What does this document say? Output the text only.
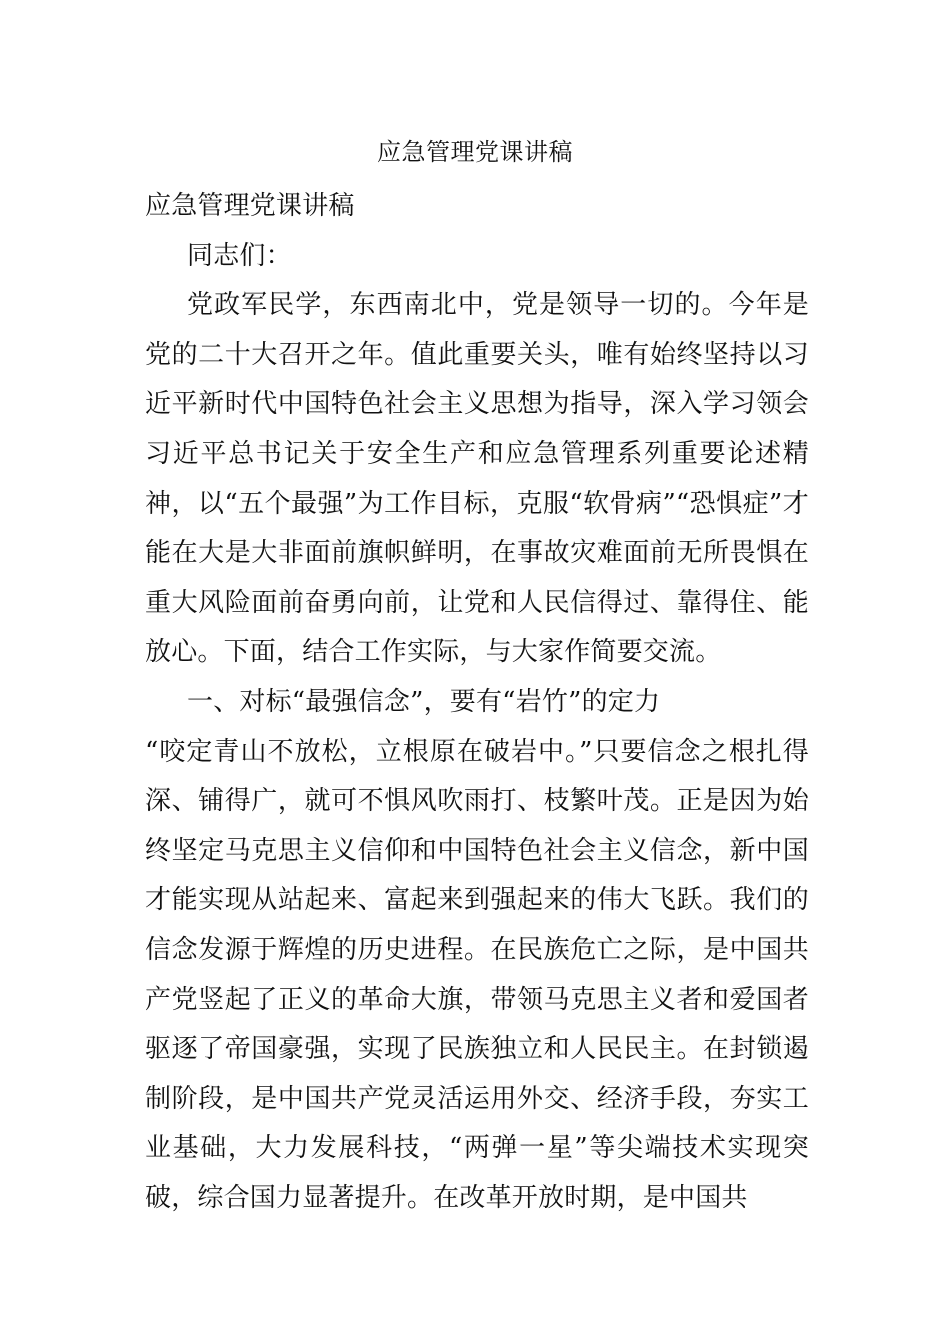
应急管理党课讲稿

应急管理党课讲稿

同志们：

党政军民学，东西南北中，党是领导一切的。今年是党的二十大召开之年。值此重要关头，唯有始终坚持以习近平新时代中国特色社会主义思想为指导，深入学习领会习近平总书记关于安全生产和应急管理系列重要论述精神，以“五个最强”为工作目标，克服“软骨病”“恐惧症”才能在大是大非面前旗帜鲜明，在事故灾难面前无所畏惧在重大风险面前奋勇向前，让党和人民信得过、靠得住、能放心。下面，结合工作实际，与大家作简要交流。

一、对标“最强信念”，要有“岩竹”的定力

“咬定青山不放松，立根原在破岩中。”只要信念之根扎得深、铺得广，就可不惧风吹雨打、枝繁叶茂。正是因为始终坚定马克思主义信仰和中国特色社会主义信念，新中国才能实现从站起来、富起来到强起来的伟大飞跃。我们的信念发源于辉煌的历史进程。在民族危亡之际，是中国共产党竖起了正义的革命大旗，带领马克思主义者和爱国者驱逐了帝国豪强，实现了民族独立和人民民主。在封锁遏制阶段，是中国共产党灵活运用外交、经济手段，夯实工业基础，大力发展科技，“两弹一星”等尖端技术实现突破，综合国力显著提升。在改革开放时期，是中国共
